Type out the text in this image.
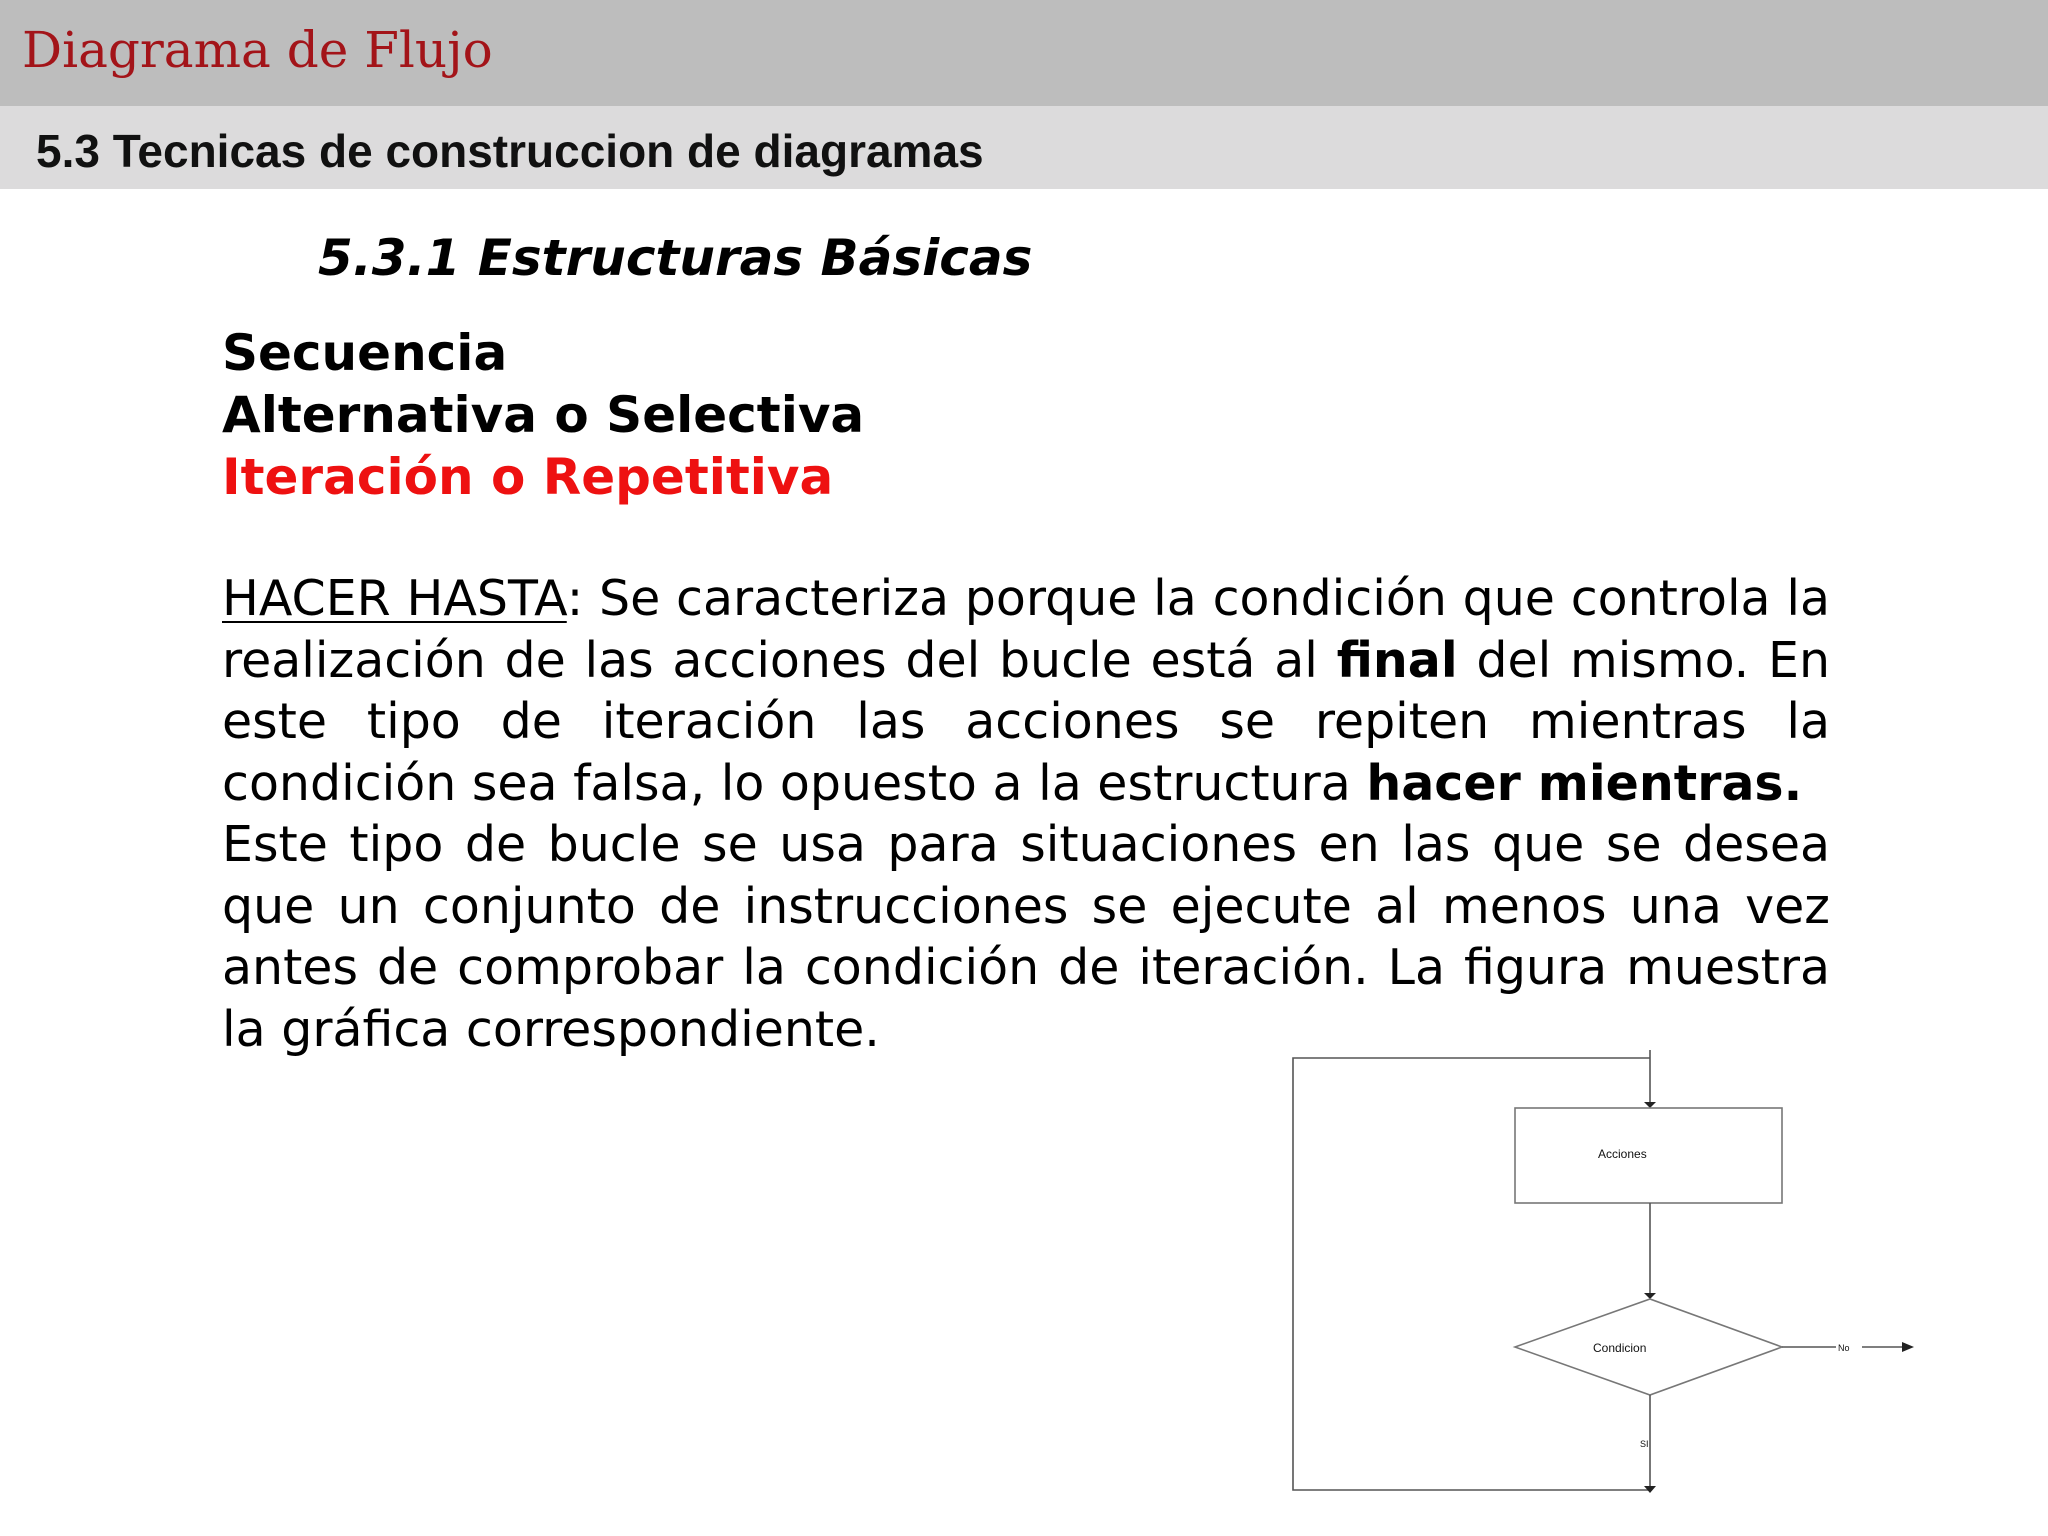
Diagrama de Flujo
5.3 Tecnicas de construccion de diagramas
5.3.1 Estructuras Básicas
Secuencia
Alternativa o Selectiva
Iteración o Repetitiva

HACER HASTA: Se caracteriza porque la condición que controla la realización de las acciones del bucle está al final del mismo. En este tipo de iteración las acciones se repiten mientras la condición sea falsa, lo opuesto a la estructura hacer mientras.

Este tipo de bucle se usa para situaciones en las que se desea que un conjunto de instrucciones se ejecute al menos una vez antes de comprobar la condición de iteración. La figura muestra la gráfica correspondiente.

Acciones
Condicion	No
SI
